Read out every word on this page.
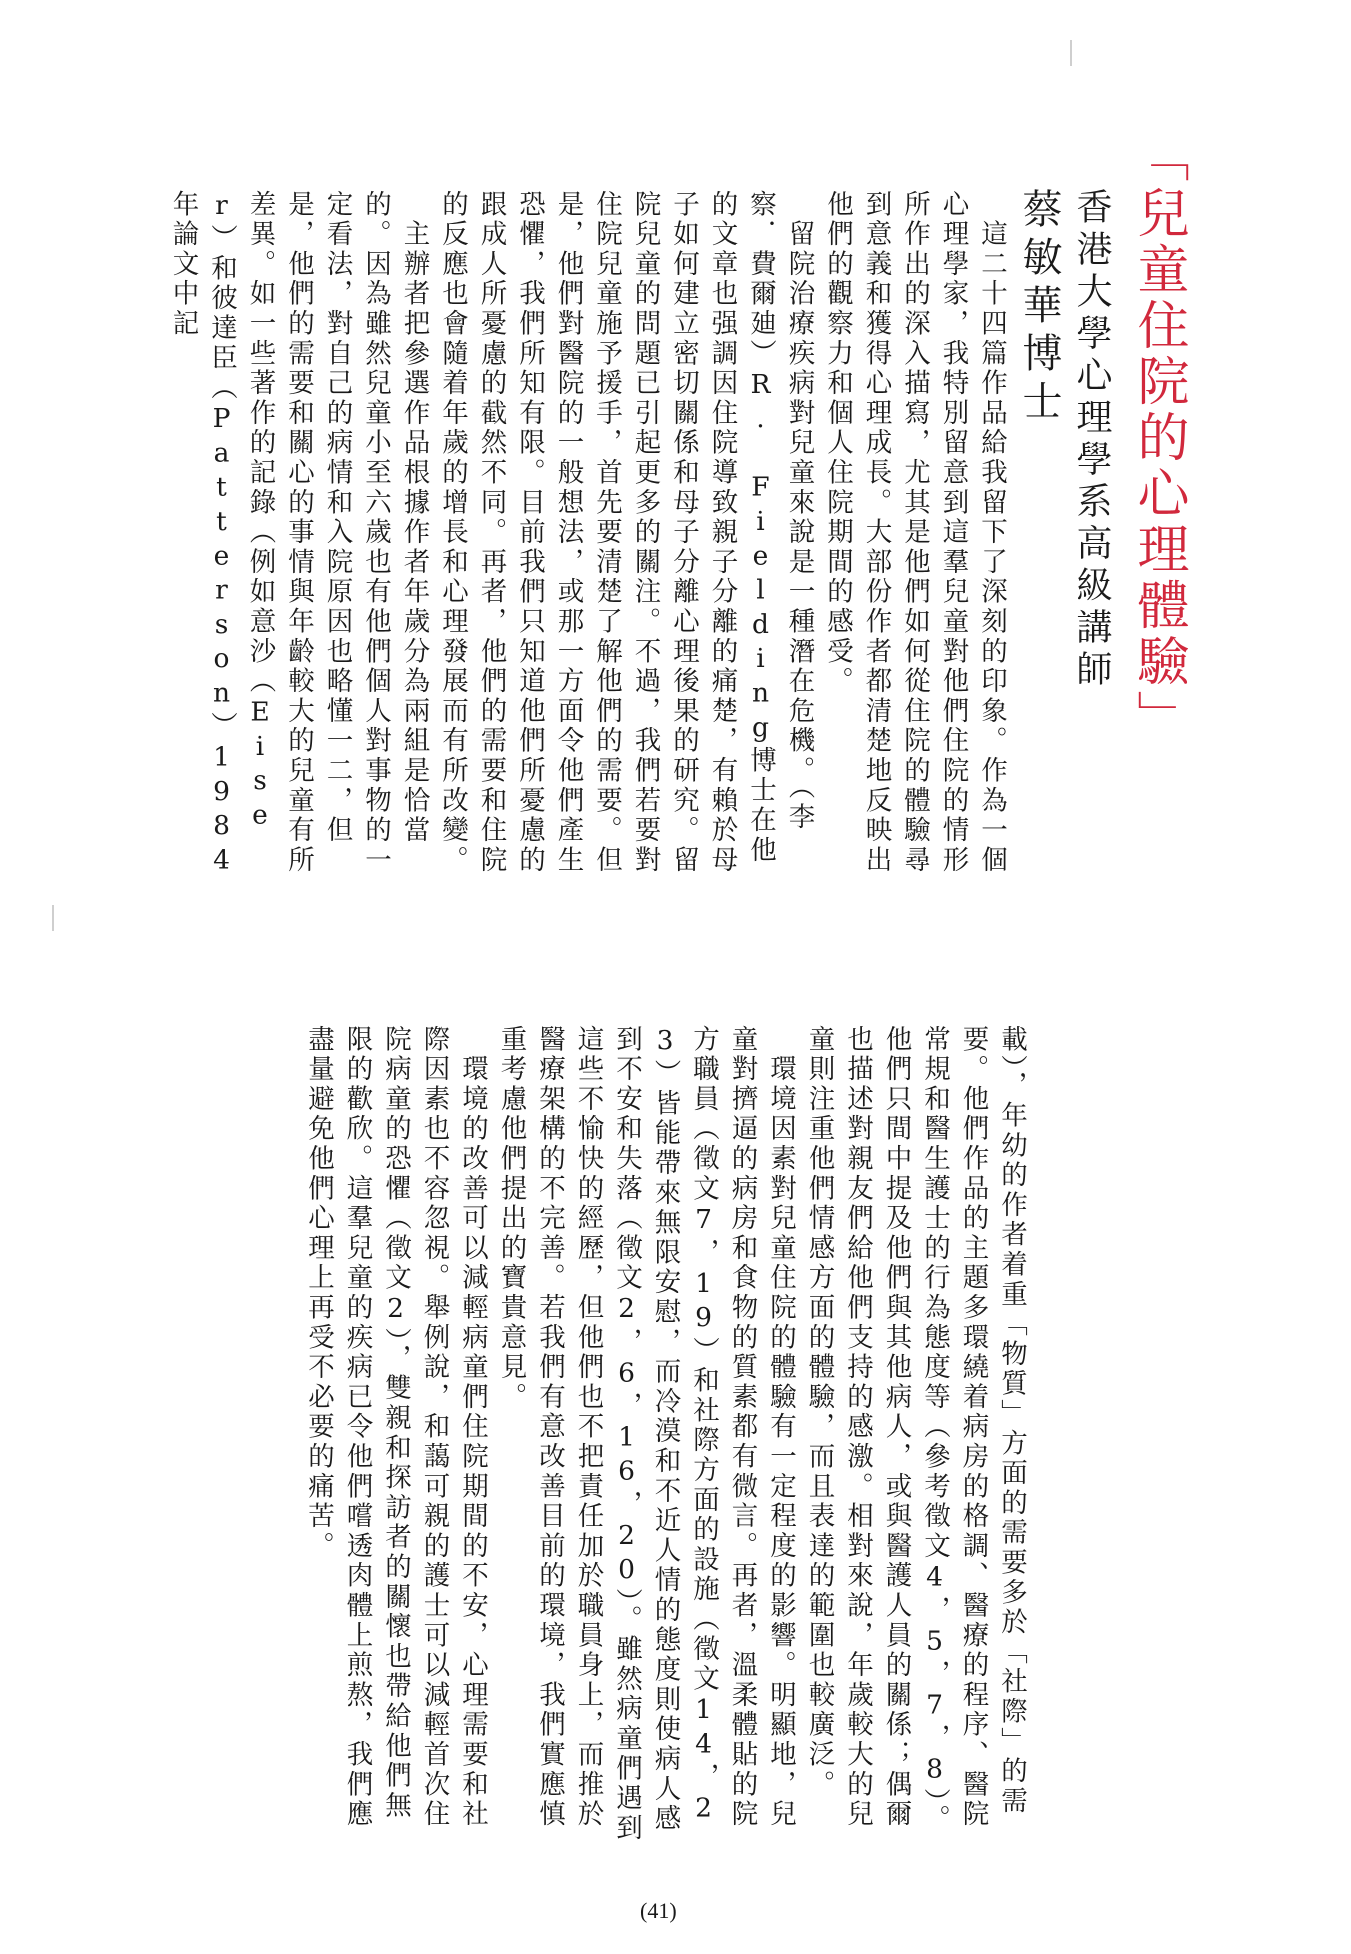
「兒童住院的心理體驗」
香港大學心理學系高級講師
蔡敏華博士
　這二十四篇作品給我留下了深刻的印象。作為一個心理學家，我特別留意到這羣兒童對他們住院的情形所作出的深入描寫，尤其是他們如何從住院的體驗尋到意義和獲得心理成長。大部份作者都清楚地反映出他們的觀察力和個人住院期間的感受。
　留院治療疾病對兒童來說是一種潛在危機。（李察．費爾廸）R. Fielding博士在他的文章也强調因住院導致親子分離的痛楚，有賴於母子如何建立密切關係和母子分離心理後果的研究。留院兒童的問題已引起更多的關注。不過，我們若要對住院兒童施予援手，首先要清楚了解他們的需要。但是，他們對醫院的一般想法，或那一方面令他們產生恐懼，我們所知有限。目前我們只知道他們所憂慮的跟成人所憂慮的截然不同。再者，他們的需要和住院的反應也會隨着年歲的增長和心理發展而有所改變。
　主辦者把參選作品根據作者年歲分為兩組是恰當的。因為雖然兒童小至六歲也有他們個人對事物的一定看法，對自己的病情和入院原因也略懂一二，但是，他們的需要和關心的事情與年齡較大的兒童有所差異。如一些著作的記錄（例如意沙（Eiser）和彼達臣（Patterson）1984年論文中記
載），年幼的作者着重「物質」方面的需要多於「社際」的需要。他們作品的主題多環繞着病房的格調、醫療的程序、醫院常規和醫生護士的行為態度等（參考徵文4，5，7，8）。他們只間中提及他們與其他病人，或與醫護人員的關係；偶爾也描述對親友們給他們支持的感激。相對來說，年歲較大的兒童則注重他們情感方面的體驗，而且表達的範圍也較廣泛。
　環境因素對兒童住院的體驗有一定程度的影響。明顯地，兒童對擠逼的病房和食物的質素都有微言。再者，溫柔體貼的院方職員（徵文7，19）和社際方面的設施（徵文14，23）皆能帶來無限安慰，而冷漠和不近人情的態度則使病人感到不安和失落（徵文2，6，16，20）。雖然病童們遇到這些不愉快的經歷，但他們也不把責任加於職員身上，而推於醫療架構的不完善。若我們有意改善目前的環境，我們實應慎重考慮他們提出的寶貴意見。
　環境的改善可以減輕病童們住院期間的不安，心理需要和社際因素也不容忽視。舉例說，和藹可親的護士可以減輕首次住院病童的恐懼（徵文2），雙親和探訪者的關懷也帶給他們無限的歡欣。這羣兒童的疾病已令他們嚐透肉體上煎熬，我們應盡量避免他們心理上再受不必要的痛苦。
(41)
